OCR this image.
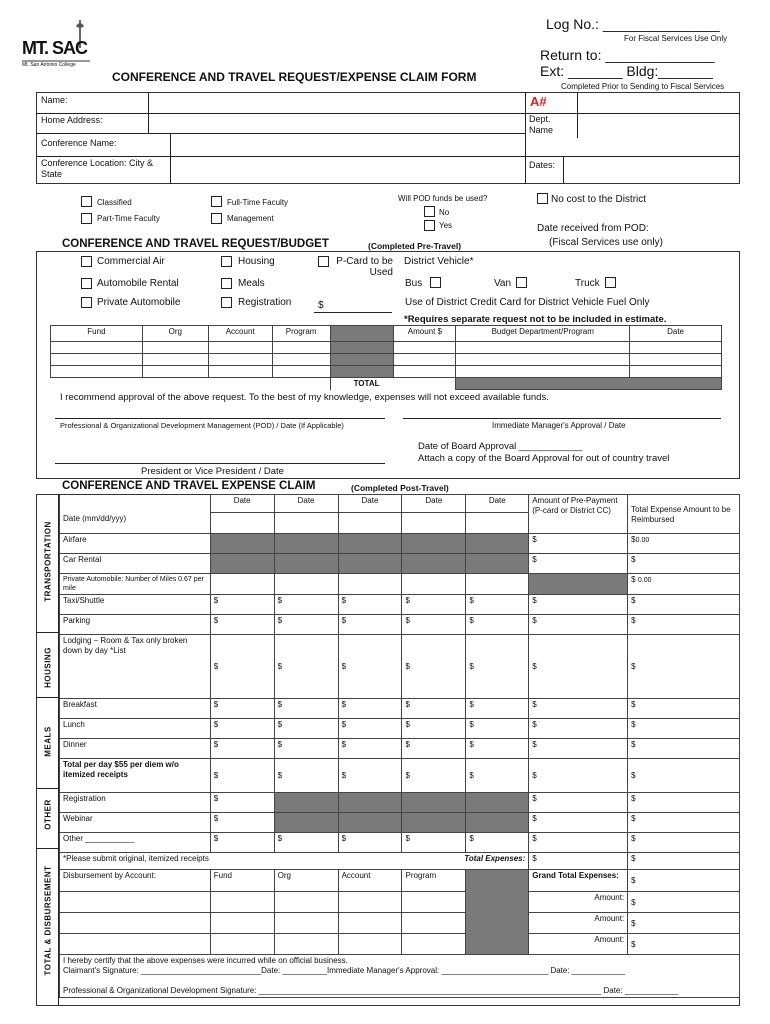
MT. SAC
Mt. San Antonio College
Log No.: _______________
For Fiscal Services Use Only
Return to: ______________
Ext: _______ Bldg:_______
Completed Prior to Sending to Fiscal Services
CONFERENCE AND TRAVEL REQUEST/EXPENSE CLAIM FORM
Name:	A#
Home Address:	Dept. Name
Conference Name:
Conference Location: City & State
Dates:
Classified	Full-Time Faculty
Part-Time Faculty	Management
Will POD funds be used?
No
Yes
No cost to the District
Date received from POD:
(Fiscal Services use only)
CONFERENCE AND TRAVEL REQUEST/BUDGET	(Completed Pre-Travel)
Commercial Air	Housing	P-Card to be Used
District Vehicle*
Automobile Rental	Meals	Bus	Van	Truck
Private Automobile	Registration	$	Use of District Credit Card for District Vehicle Fuel Only
*Requires separate request not to be included in estimate.
Fund	Org	Account	Program		Amount $	Budget Department/Program	Date

				TOTAL			
I recommend approval of the above request. To the best of my knowledge, expenses will not exceed available funds.
Professional & Organizational Development Management (POD) / Date (If Applicable)	Immediate Manager's Approval / Date
Date of Board Approval ____________
Attach a copy of the Board Approval for out of country travel
President or Vice President / Date
CONFERENCE AND TRAVEL EXPENSE CLAIM	(Completed Post-Travel)
TRANSPORTATION
HOUSING
MEALS
OTHER
TOTAL & DISBURSEMENT
	Date	Date	Date	Date	Date	Amount of Pre-Payment (P-card or District CC)	Total Expense Amount to be Reimbursed

Date (mm/dd/yyy)							
Airfare						$	$0.00
Car Rental						$	$
Private Automobile: Number of Miles 0.67 per mile							$ 0.00
Taxi/Shuttle	$	$	$	$	$	$	$
Parking	$	$	$	$	$	$	$
Lodging – Room & Tax only broken down by day *List	$	$	$	$	$	$	$
Breakfast	$	$	$	$	$	$	$
Lunch	$	$	$	$	$	$	$
Dinner	$	$	$	$	$	$	$
Total per day $55 per diem w/o itemized receipts	$	$	$	$	$	$	$
Registration	$					$	$
Webinar	$					$	$
Other ___________	$	$	$	$	$	$	$
*Please submit original, itemized receipts				Total Expenses:		$	$
Disbursement by Account:	Fund	Org	Account	Program		Grand Total Expenses:	$
						Amount:	$
						Amount:	$
						Amount:	$

I hereby certify that the above expenses were incurred while on official business.
Claimant's Signature: ___________________________Date: __________Immediate Manager's Approval: ________________________ Date: ____________
Professional & Organizational Development Signature: _____________________________________________________________________________ Date: ____________							
